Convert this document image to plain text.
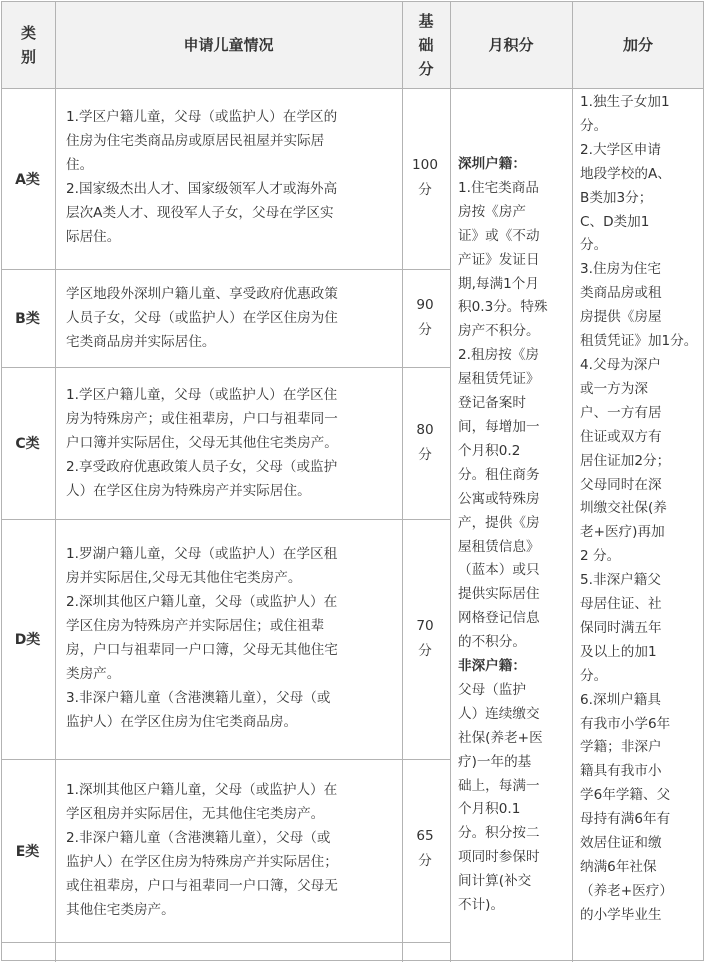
类
别
申请儿童情况
基
础
分
月积分	加分
A类
1.学区户籍儿童，父母（或监护人）在学区的
住房为住宅类商品房或原居民祖屋并实际居
住。
2.国家级杰出人才、国家级领军人才或海外高
层次A类人才、现役军人子女，父母在学区实
际居住。
100
分
B类
学区地段外深圳户籍儿童、享受政府优惠政策
人员子女，父母（或监护人）在学区住房为住
宅类商品房并实际居住。
90
分
C类
1.学区户籍儿童，父母（或监护人）在学区住
房为特殊房产；或住祖辈房，户口与祖辈同一
户口簿并实际居住，父母无其他住宅类房产。
2.享受政府优惠政策人员子女，父母（或监护
人）在学区住房为特殊房产并实际居住。
80
分
D类
1.罗湖户籍儿童，父母（或监护人）在学区租
房并实际居住,父母无其他住宅类房产。
2.深圳其他区户籍儿童，父母（或监护人）在
学区住房为特殊房产并实际居住；或住祖辈
房，户口与祖辈同一户口簿，父母无其他住宅
类房产。
3.非深户籍儿童（含港澳籍儿童），父母（或
监护人）在学区住房为住宅类商品房。
70
分
E类
1.深圳其他区户籍儿童，父母（或监护人）在
学区租房并实际居住，无其他住宅类房产。
2.非深户籍儿童（含港澳籍儿童），父母（或
监护人）在学区住房为特殊房产并实际居住；
或住祖辈房，户口与祖辈同一户口簿，父母无
其他住宅类房产。
65
分
深圳户籍：
1.住宅类商品
房按《房产
证》或《不动
产证》发证日
期,每满1个月
积0.3分。特殊
房产不积分。
2.租房按《房
屋租赁凭证》
登记备案时
间，每增加一
个月积0.2
分。租住商务
公寓或特殊房
产，提供《房
屋租赁信息》
（蓝本）或只
提供实际居住
网格登记信息
的不积分。
非深户籍：
父母（监护
人）连续缴交
社保(养老+医
疗)一年的基
础上，每满一
个月积0.1
分。积分按二
项同时参保时
间计算(补交
不计)。
1.独生子女加1
分。
2.大学区申请
地段学校的A、
B类加3分；
C、D类加1
分。
3.住房为住宅
类商品房或租
房提供《房屋
租赁凭证》加1分。
4.父母为深户
或一方为深
户、一方有居
住证或双方有
居住证加2分；
父母同时在深
圳缴交社保(养
老+医疗)再加
2 分。
5.非深户籍父
母居住证、社
保同时满五年
及以上的加1
分。
6.深圳户籍具
有我市小学6年
学籍；非深户
籍具有我市小
学6年学籍、父
母持有满6年有
效居住证和缴
纳满6年社保
（养老+医疗）
的小学毕业生
